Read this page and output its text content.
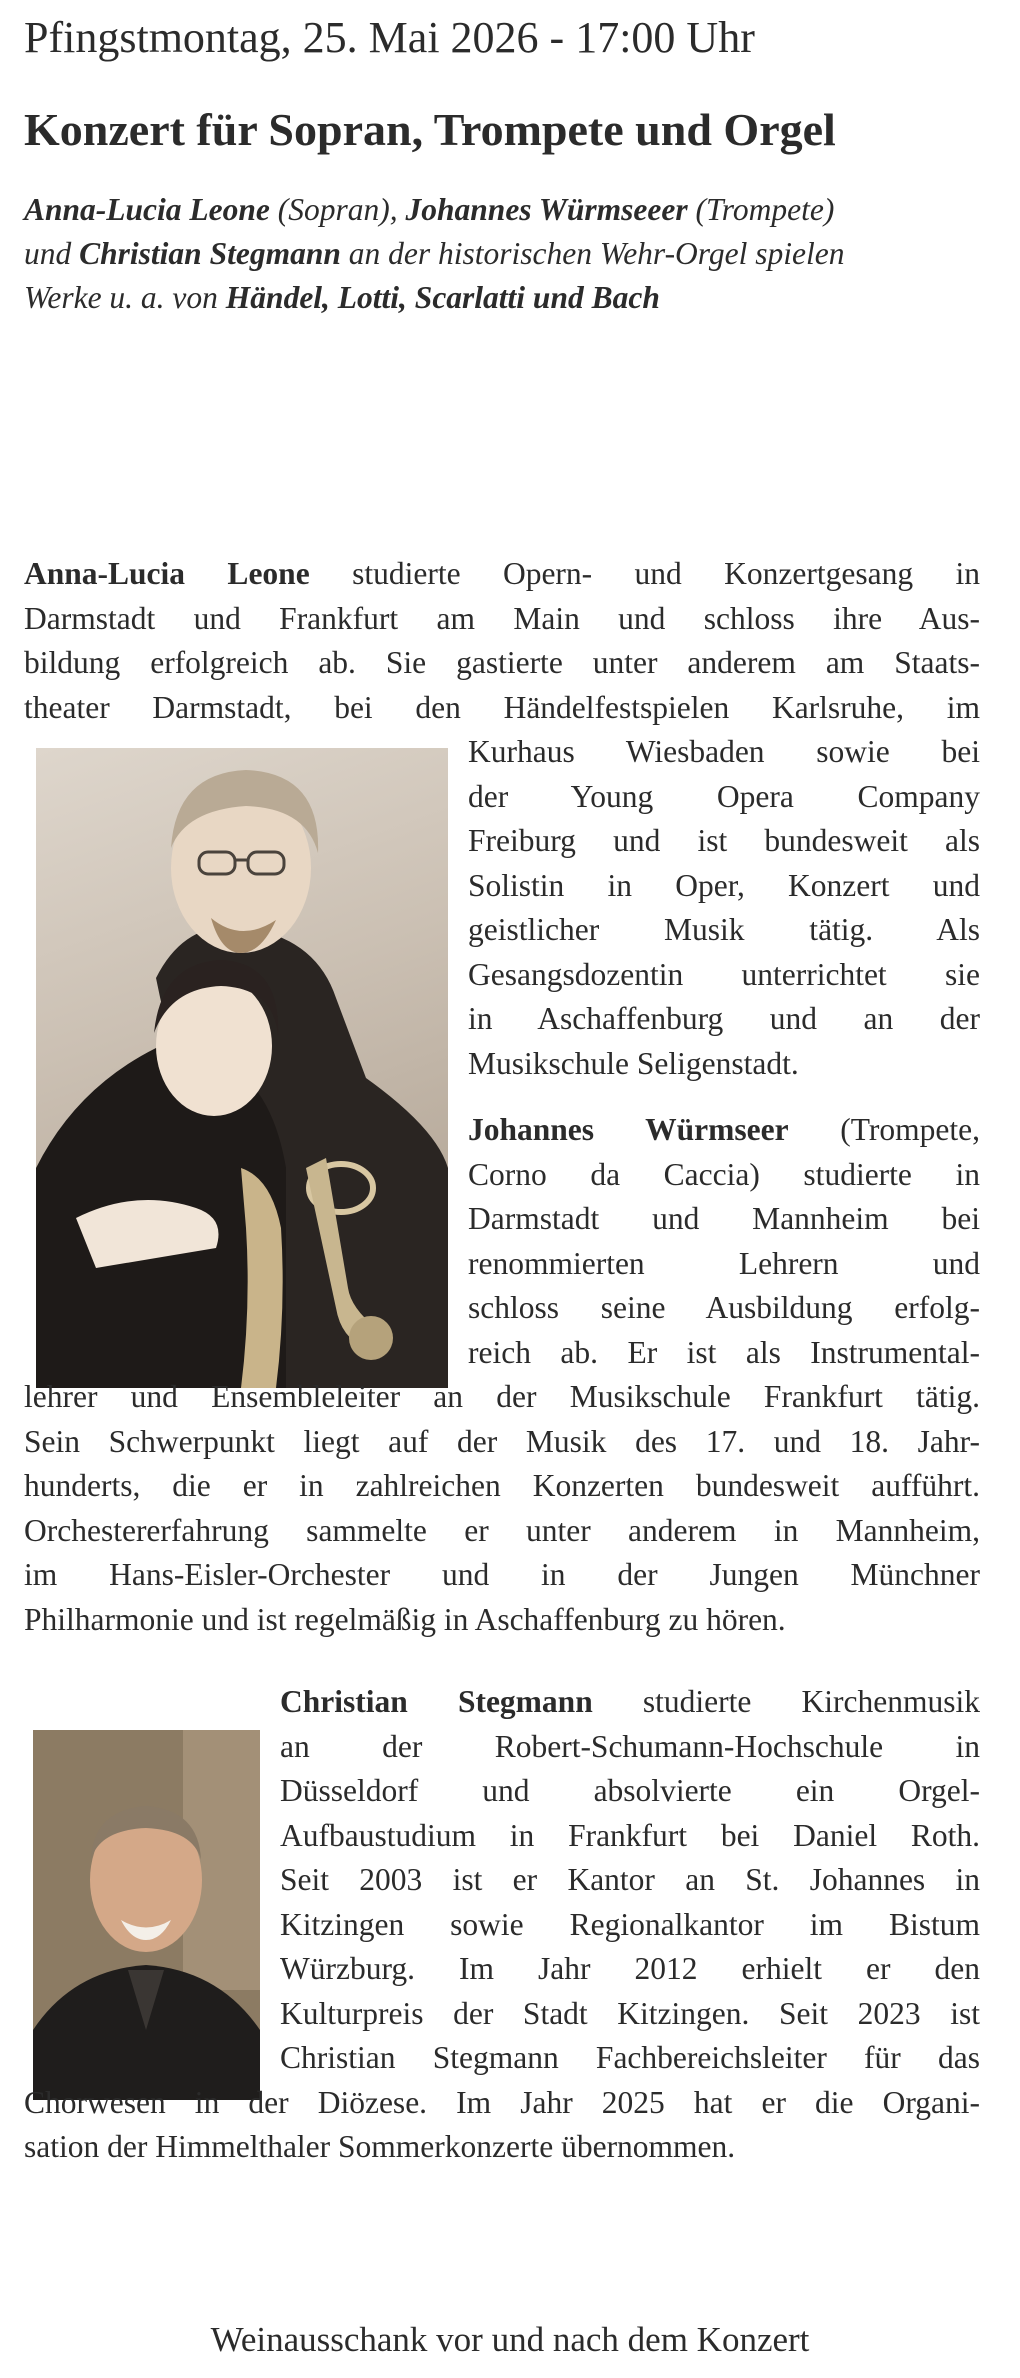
Pfingstmontag, 25. Mai 2026 - 17:00 Uhr
Konzert für Sopran, Trompete und Orgel
Anna-Lucia Leone (Sopran), Johannes Würmseeer (Trompete)
und Christian Stegmann an der historischen Wehr-Orgel spielen
Werke u. a. von Händel, Lotti, Scarlatti und Bach
Anna-Lucia Leone studierte Opern- und Konzertgesang in
Darmstadt und Frankfurt am Main und schloss ihre Aus-
bildung erfolgreich ab. Sie gastierte unter anderem am Staats-
theater Darmstadt, bei den Händelfestspielen Karlsruhe, im
Kurhaus Wiesbaden sowie bei
der Young Opera Company
Freiburg und ist bundesweit als
Solistin in Oper, Konzert und
geistlicher Musik tätig. Als
Gesangsdozentin unterrichtet sie
in Aschaffenburg und an der
Musikschule Seligenstadt.
Johannes Würmseer (Trompete,
Corno da Caccia) studierte in
Darmstadt und Mannheim bei
renommierten Lehrern und
schloss seine Ausbildung erfolg-
reich ab. Er ist als Instrumental-
lehrer und Ensembleleiter an der Musikschule Frankfurt tätig.
Sein Schwerpunkt liegt auf der Musik des 17. und 18. Jahr-
hunderts, die er in zahlreichen Konzerten bundesweit aufführt.
Orchestererfahrung sammelte er unter anderem in Mannheim,
im Hans-Eisler-Orchester und in der Jungen Münchner
Philharmonie und ist regelmäßig in Aschaffenburg zu hören.
Christian Stegmann studierte Kirchenmusik
an der Robert-Schumann-Hochschule in
Düsseldorf und absolvierte ein Orgel-
Aufbaustudium in Frankfurt bei Daniel Roth.
Seit 2003 ist er Kantor an St. Johannes in
Kitzingen sowie Regionalkantor im Bistum
Würzburg. Im Jahr 2012 erhielt er den
Kulturpreis der Stadt Kitzingen. Seit 2023 ist
Christian Stegmann Fachbereichsleiter für das
Chorwesen in der Diözese. Im Jahr 2025 hat er die Organi-
sation der Himmelthaler Sommerkonzerte übernommen.
Weinausschank vor und nach dem Konzert
